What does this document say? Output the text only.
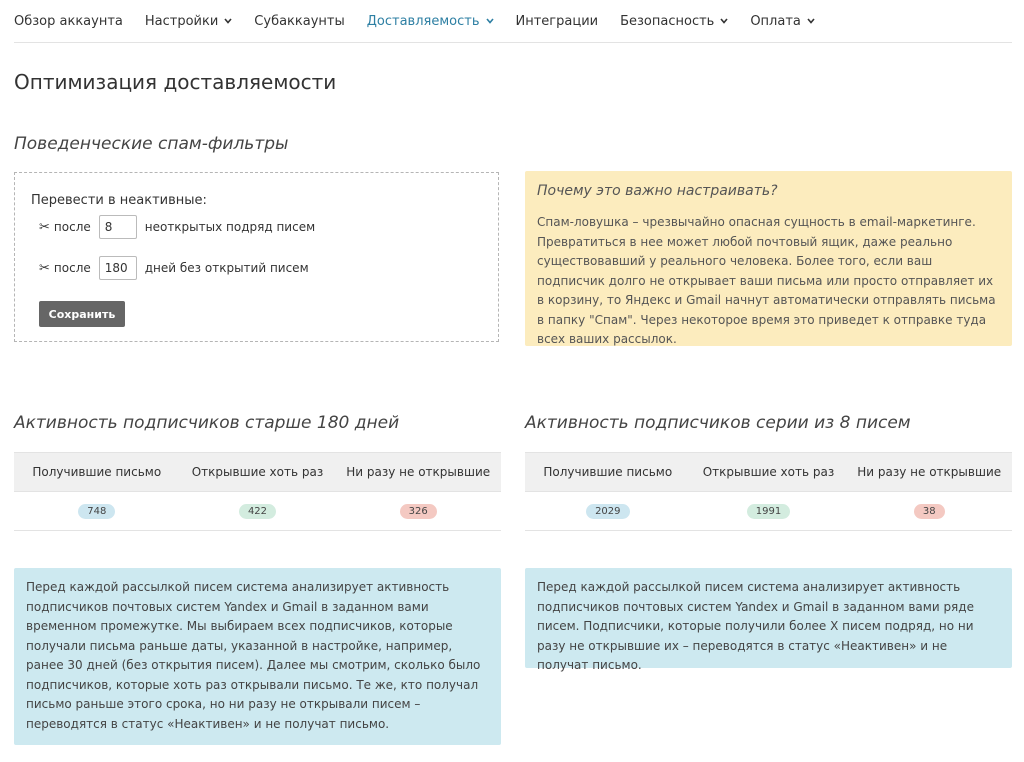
Обзор аккаунта Настройки	Субаккаунты Доставляемость	Интеграции Безопасность	Оплата
Оптимизация доставляемости
Поведенческие спам-фильтры
Перевести в неактивные:
✂ после
8	неоткрытых подряд писем
✂ после
180	дней без открытий писем
Сохранить
Почему это важно настраивать?

Спам-ловушка – чрезвычайно опасная сущность в email-маркетинге. Превратиться в нее может любой почтовый ящик, даже реально существовавший у реального человека. Более того, если ваш подписчик долго не открывает ваши письма или просто отправляет их в корзину, то Яндекс и Gmail начнут автоматически отправлять письма в папку "Спам". Через некоторое время это приведет к отправке туда всех ваших рассылок.

Активность подписчиков старше 180 дней
Получившие письмо	Открывшие хоть раз	Ни разу не открывшие
748	422	326

Перед каждой рассылкой писем система анализирует активность подписчиков почтовых систем Yandex и Gmail в заданном вами временном промежутке. Мы выбираем всех подписчиков, которые получали письма раньше даты, указанной в настройке, например, ранее 30 дней (без открытия писем). Далее мы смотрим, сколько было подписчиков, которые хоть раз открывали письмо. Те же, кто получал письмо раньше этого срока, но ни разу не открывали писем – переводятся в статус «Неактивен» и не получат письмо.

Активность подписчиков серии из 8 писем
Получившие письмо	Открывшие хоть раз	Ни разу не открывшие
2029	1991	38

Перед каждой рассылкой писем система анализирует активность подписчиков почтовых систем Yandex и Gmail в заданном вами ряде писем. Подписчики, которые получили более X писем подряд, но ни разу не открывшие их – переводятся в статус «Неактивен» и не получат письмо.
